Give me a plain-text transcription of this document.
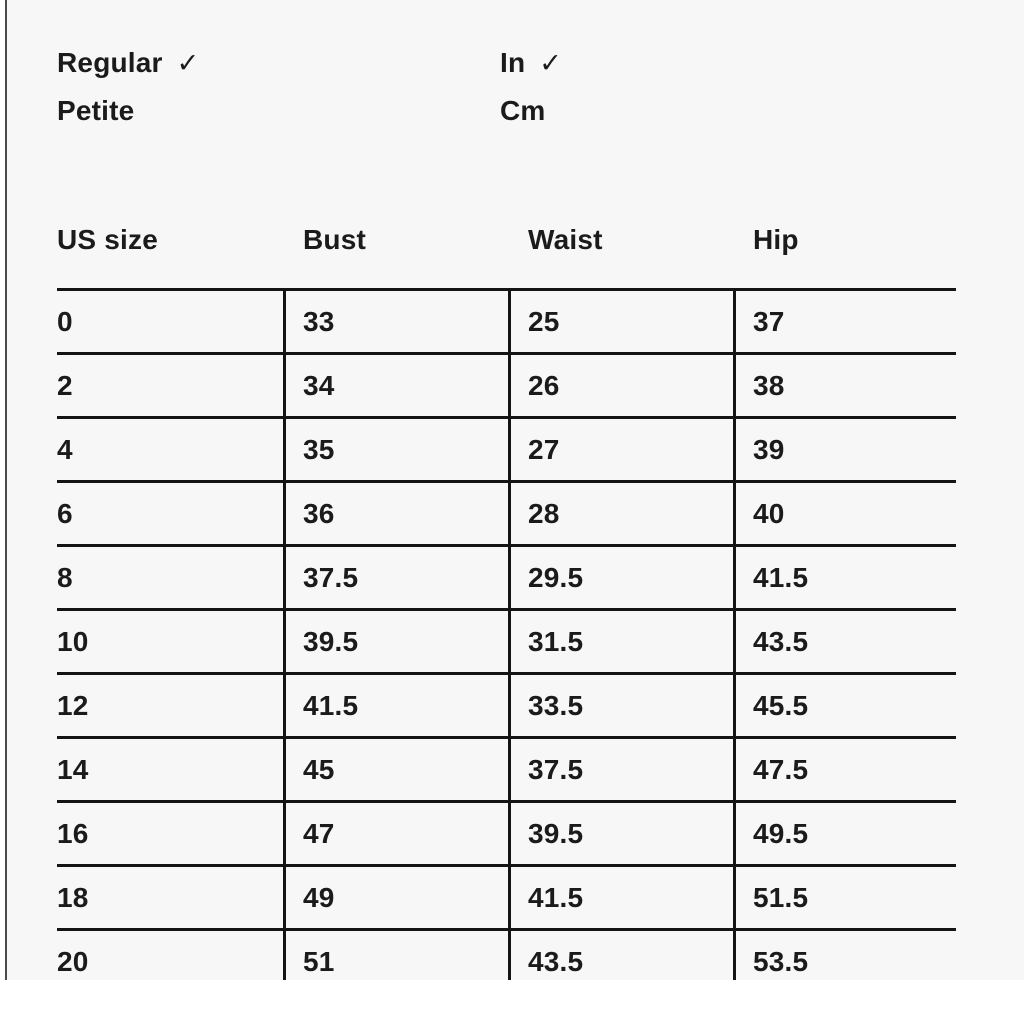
Regular ✓
Petite
In ✓
Cm
US size	Bust	Waist	Hip
0	33	25	37
2	34	26	38
4	35	27	39
6	36	28	40
8	37.5	29.5	41.5
10	39.5	31.5	43.5
12	41.5	33.5	45.5
14	45	37.5	47.5
16	47	39.5	49.5
18	49	41.5	51.5
20	51	43.5	53.5
